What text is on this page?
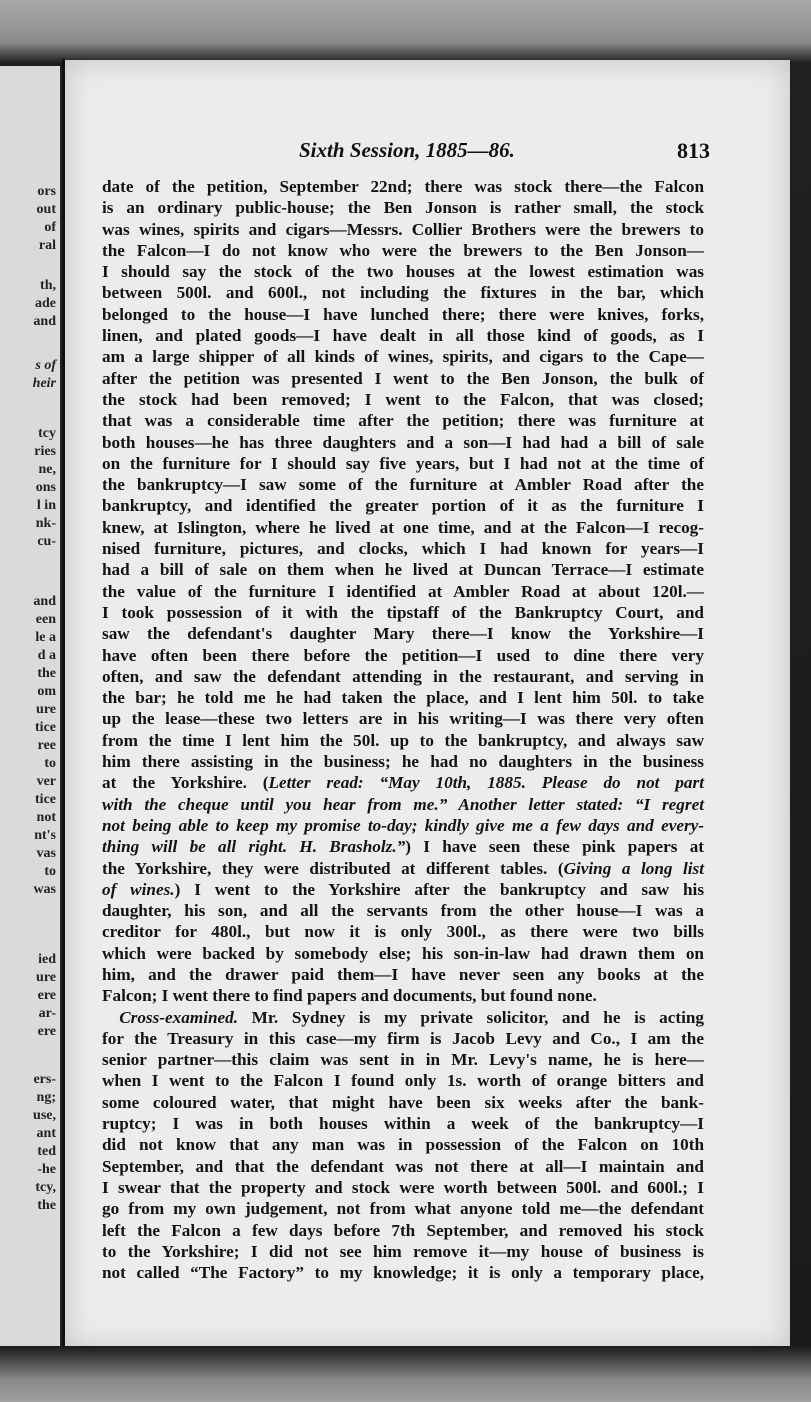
ors
out
of
ral
th,
ade
and
s of
heir
tcy
ries
ne,
ons
l in
nk-
cu-
and
een
le a
d a
the
om
ure
tice
ree
to
ver
tice
not
nt's
vas
to
was
ied
ure
ere
ar-
ere
ers-
ng;
use,
ant
ted
-he
tcy,
the
Sixth Session, 1885—86.	813
date of the petition, September 22nd; there was stock there—the Falcon
is an ordinary public-house; the Ben Jonson is rather small, the stock
was wines, spirits and cigars—Messrs. Collier Brothers were the brewers to
the Falcon—I do not know who were the brewers to the Ben Jonson—
I should say the stock of the two houses at the lowest estimation was
between 500l. and 600l., not including the fixtures in the bar, which
belonged to the house—I have lunched there; there were knives, forks,
linen, and plated goods—I have dealt in all those kind of goods, as I
am a large shipper of all kinds of wines, spirits, and cigars to the Cape—
after the petition was presented I went to the Ben Jonson, the bulk of
the stock had been removed; I went to the Falcon, that was closed;
that was a considerable time after the petition; there was furniture at
both houses—he has three daughters and a son—I had had a bill of sale
on the furniture for I should say five years, but I had not at the time of
the bankruptcy—I saw some of the furniture at Ambler Road after the
bankruptcy, and identified the greater portion of it as the furniture I
knew, at Islington, where he lived at one time, and at the Falcon—I recog-
nised furniture, pictures, and clocks, which I had known for years—I
had a bill of sale on them when he lived at Duncan Terrace—I estimate
the value of the furniture I identified at Ambler Road at about 120l.—
I took possession of it with the tipstaff of the Bankruptcy Court, and
saw the defendant's daughter Mary there—I know the Yorkshire—I
have often been there before the petition—I used to dine there very
often, and saw the defendant attending in the restaurant, and serving in
the bar; he told me he had taken the place, and I lent him 50l. to take
up the lease—these two letters are in his writing—I was there very often
from the time I lent him the 50l. up to the bankruptcy, and always saw
him there assisting in the business; he had no daughters in the business
at the Yorkshire. (Letter read: “May 10th, 1885. Please do not part
with the cheque until you hear from me.” Another letter stated: “I regret
not being able to keep my promise to-day; kindly give me a few days and every-
thing will be all right. H. Brasholz.”) I have seen these pink papers at
the Yorkshire, they were distributed at different tables. (Giving a long list
of wines.) I went to the Yorkshire after the bankruptcy and saw his
daughter, his son, and all the servants from the other house—I was a
creditor for 480l., but now it is only 300l., as there were two bills
which were backed by somebody else; his son-in-law had drawn them on
him, and the drawer paid them—I have never seen any books at the
Falcon; I went there to find papers and documents, but found none.
 Cross-examined. Mr. Sydney is my private solicitor, and he is acting
for the Treasury in this case—my firm is Jacob Levy and Co., I am the
senior partner—this claim was sent in in Mr. Levy's name, he is here—
when I went to the Falcon I found only 1s. worth of orange bitters and
some coloured water, that might have been six weeks after the bank-
ruptcy; I was in both houses within a week of the bankruptcy—I
did not know that any man was in possession of the Falcon on 10th
September, and that the defendant was not there at all—I maintain and
I swear that the property and stock were worth between 500l. and 600l.; I
go from my own judgement, not from what anyone told me—the defendant
left the Falcon a few days before 7th September, and removed his stock
to the Yorkshire; I did not see him remove it—my house of business is
not called “The Factory” to my knowledge; it is only a temporary place,
